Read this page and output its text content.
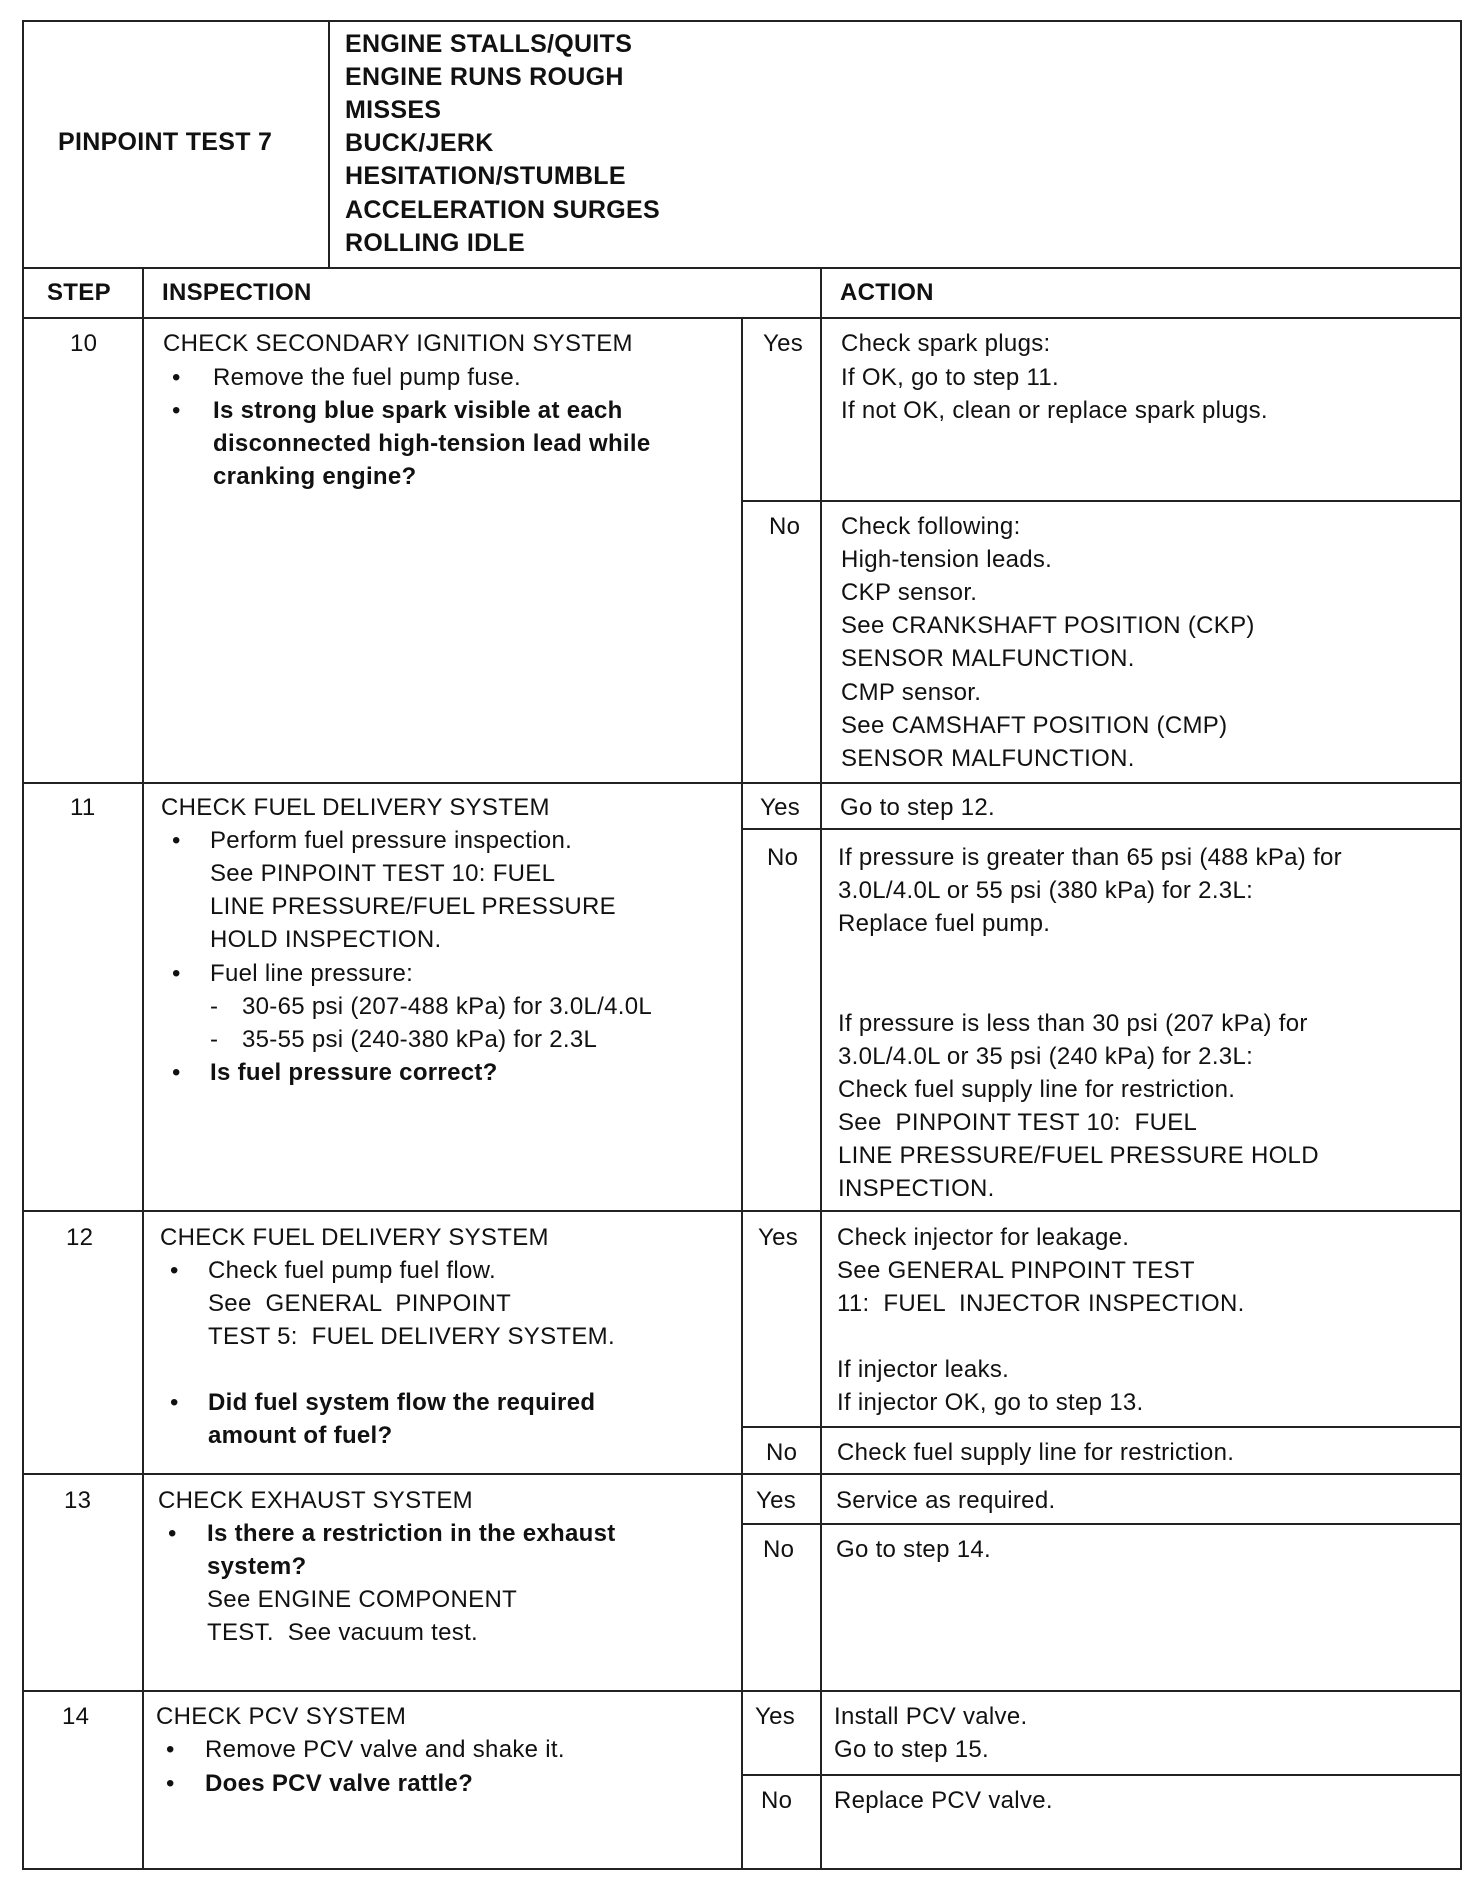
PINPOINT TEST 7
ENGINE STALLS/QUITS
ENGINE RUNS ROUGH
MISSES
BUCK/JERK
HESITATION/STUMBLE
ACCELERATION SURGES
ROLLING IDLE
STEP INSPECTION	ACTION
10	CHECK SECONDARY IGNITION SYSTEM
• Remove the fuel pump fuse.
• Is strong blue spark visible at each
disconnected high-tension lead while
cranking engine?
Yes Check spark plugs:
If OK, go to step 11.
If not OK, clean or replace spark plugs.
No Check following:
High-tension leads.
CKP sensor.
See CRANKSHAFT POSITION (CKP)
SENSOR MALFUNCTION.
CMP sensor.
See CAMSHAFT POSITION (CMP)
SENSOR MALFUNCTION.
11	CHECK FUEL DELIVERY SYSTEM
• Perform fuel pressure inspection.
See PINPOINT TEST 10: FUEL
LINE PRESSURE/FUEL PRESSURE
HOLD INSPECTION.
• Fuel line pressure:
- 30-65 psi (207-488 kPa) for 3.0L/4.0L
- 35-55 psi (240-380 kPa) for 2.3L
• Is fuel pressure correct?
Yes Go to step 12.
No If pressure is greater than 65 psi (488 kPa) for
3.0L/4.0L or 55 psi (380 kPa) for 2.3L:
Replace fuel pump.
If pressure is less than 30 psi (207 kPa) for
3.0L/4.0L or 35 psi (240 kPa) for 2.3L:
Check fuel supply line for restriction.
See  PINPOINT TEST 10:  FUEL
LINE PRESSURE/FUEL PRESSURE HOLD
INSPECTION.
12	CHECK FUEL DELIVERY SYSTEM
• Check fuel pump fuel flow.
See  GENERAL  PINPOINT
TEST 5:  FUEL DELIVERY SYSTEM.
• Did fuel system flow the required
amount of fuel?
Yes Check injector for leakage.
See GENERAL PINPOINT TEST
11:  FUEL  INJECTOR INSPECTION.
If injector leaks.
If injector OK, go to step 13.
No Check fuel supply line for restriction.
13	CHECK EXHAUST SYSTEM
• Is there a restriction in the exhaust
system?
See ENGINE COMPONENT
TEST.  See vacuum test.
Yes Service as required.
No Go to step 14.
14	CHECK PCV SYSTEM
• Remove PCV valve and shake it.
• Does PCV valve rattle?
Yes Install PCV valve.
Go to step 15.
No Replace PCV valve.
